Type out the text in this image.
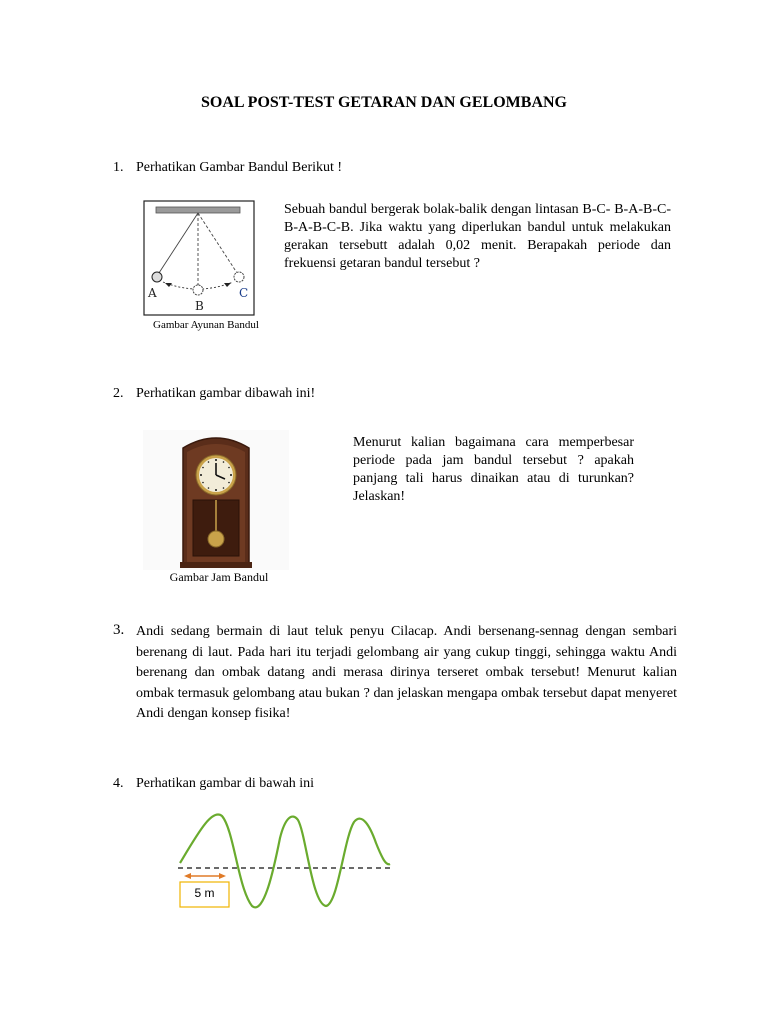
SOAL POST-TEST GETARAN DAN GELOMBANG
1. Perhatikan Gambar Bandul Berikut !
A
B
C
Gambar Ayunan Bandul
Sebuah bandul bergerak bolak-balik dengan lintasan B-C- B-A-B-C-B-A-B-C-B. Jika waktu yang diperlukan bandul untuk melakukan gerakan tersebutt adalah 0,02 menit. Berapakah periode dan frekuensi getaran bandul tersebut ?
2. Perhatikan gambar dibawah ini!
Gambar Jam Bandul
Menurut kalian bagaimana cara memperbesar periode pada jam bandul tersebut ? apakah panjang tali harus dinaikan atau di turunkan? Jelaskan!
3. Andi sedang bermain di laut teluk penyu Cilacap. Andi bersenang-sennag dengan sembari berenang di laut. Pada hari itu terjadi gelombang air yang cukup tinggi, sehingga waktu Andi berenang dan ombak datang andi merasa dirinya terseret ombak tersebut! Menurut kalian ombak termasuk gelombang atau bukan ? dan jelaskan mengapa ombak tersebut dapat menyeret Andi dengan konsep fisika!
4. Perhatikan gambar di bawah ini
5 m
